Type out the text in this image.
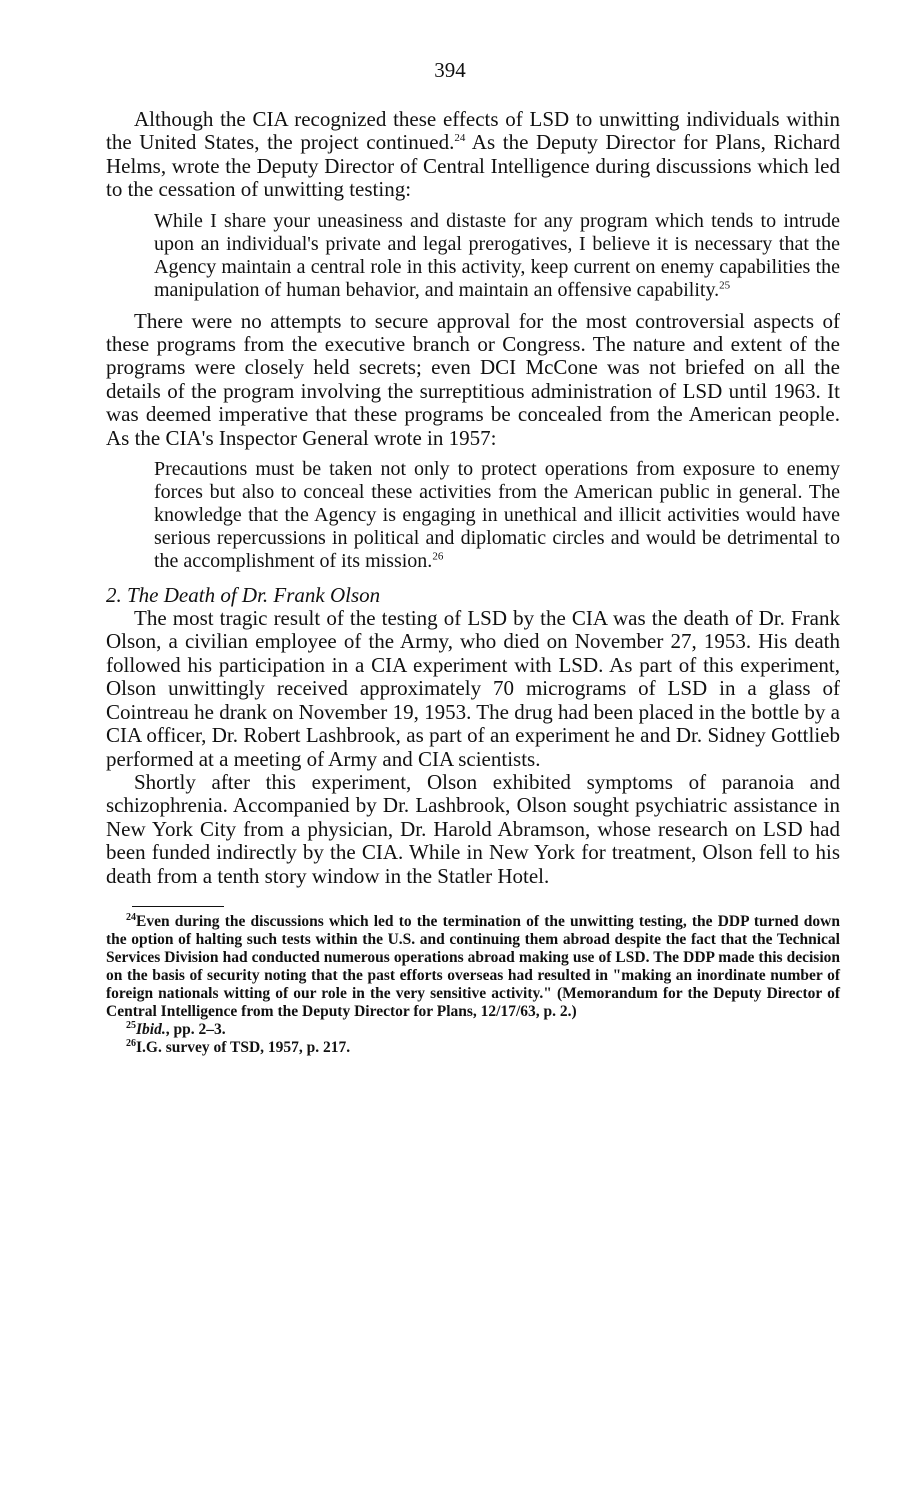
394

Although the CIA recognized these effects of LSD to unwitting individuals within the United States, the project continued.$^{24}$ As the Deputy Director for Plans, Richard Helms, wrote the Deputy Director of Central Intelligence during discussions which led to the cessation of unwitting testing:

While I share your uneasiness and distaste for any program which tends to intrude upon an individual's private and legal prerogatives, I believe it is necessary that the Agency maintain a central role in this activity, keep current on enemy capabilities the manipulation of human behavior, and maintain an offensive capability.$^{25}$

There were no attempts to secure approval for the most controversial aspects of these programs from the executive branch or Congress. The nature and extent of the programs were closely held secrets; even DCI McCone was not briefed on all the details of the program involving the surreptitious administration of LSD until 1963. It was deemed imperative that these programs be concealed from the American people. As the CIA's Inspector General wrote in 1957:

Precautions must be taken not only to protect operations from exposure to enemy forces but also to conceal these activities from the American public in general. The knowledge that the Agency is engaging in unethical and illicit activities would have serious repercussions in political and diplomatic circles and would be detrimental to the accomplishment of its mission.$^{26}$

2. The Death of Dr. Frank Olson

The most tragic result of the testing of LSD by the CIA was the death of Dr. Frank Olson, a civilian employee of the Army, who died on November 27, 1953. His death followed his participation in a CIA experiment with LSD. As part of this experiment, Olson unwittingly received approximately 70 micrograms of LSD in a glass of Cointreau he drank on November 19, 1953. The drug had been placed in the bottle by a CIA officer, Dr. Robert Lashbrook, as part of an experiment he and Dr. Sidney Gottlieb performed at a meeting of Army and CIA scientists.

Shortly after this experiment, Olson exhibited symptoms of paranoia and schizophrenia. Accompanied by Dr. Lashbrook, Olson sought psychiatric assistance in New York City from a physician, Dr. Harold Abramson, whose research on LSD had been funded indirectly by the CIA. While in New York for treatment, Olson fell to his death from a tenth story window in the Statler Hotel.

$^{24}$Even during the discussions which led to the termination of the unwitting testing, the DDP turned down the option of halting such tests within the U.S. and continuing them abroad despite the fact that the Technical Services Division had conducted numerous operations abroad making use of LSD. The DDP made this decision on the basis of security noting that the past efforts overseas had resulted in "making an inordinate number of foreign nationals witting of our role in the very sensitive activity." (Memorandum for the Deputy Director of Central Intelligence from the Deputy Director for Plans, 12/17/63, p. 2.)

$^{25}$Ibid., pp. 2–3.

$^{26}$I.G. survey of TSD, 1957, p. 217.
